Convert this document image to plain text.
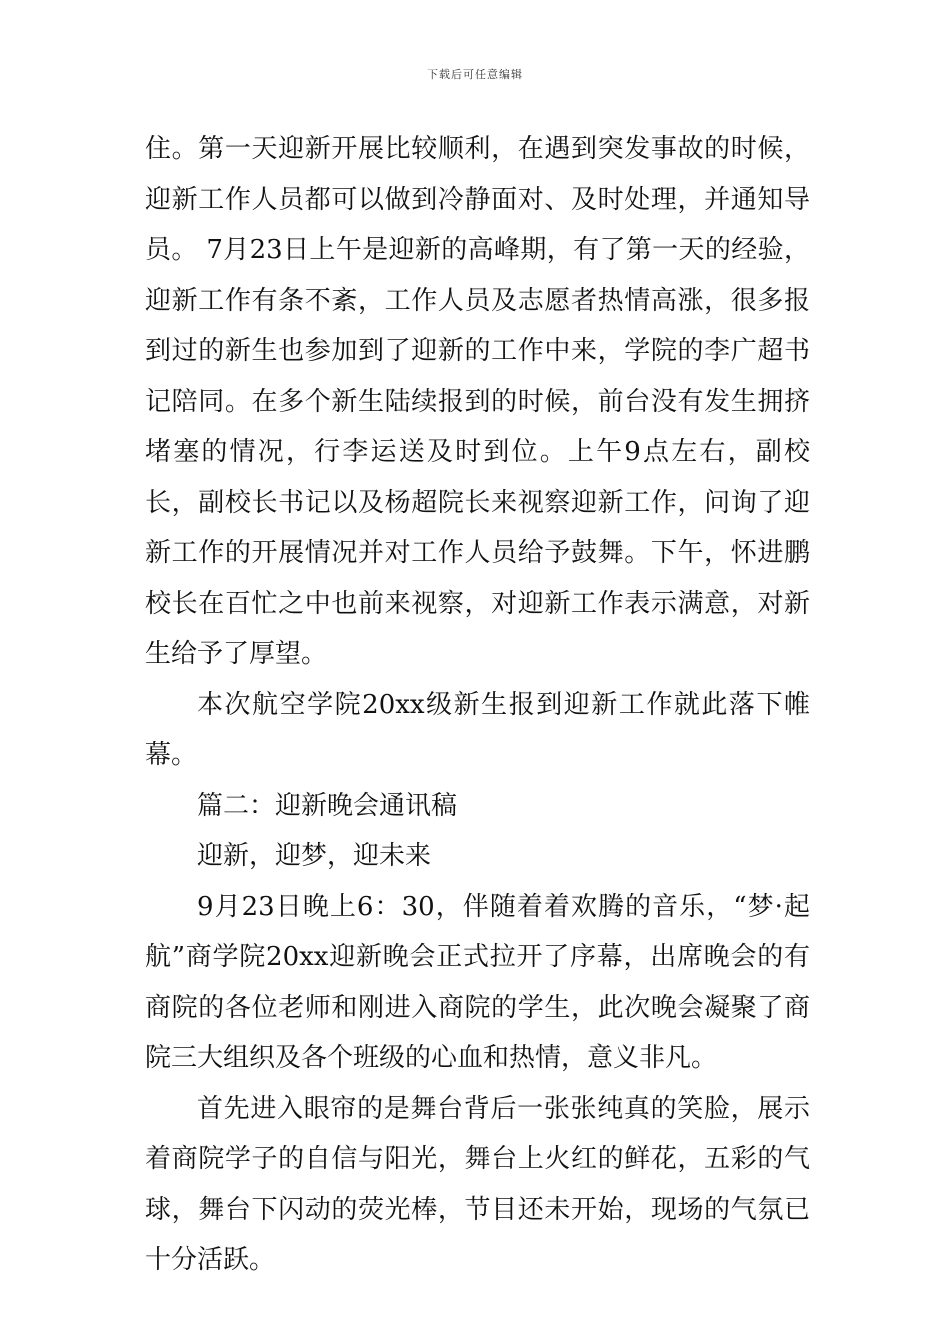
下载后可任意编辑

住。第一天迎新开展比较顺利，在遇到突发事故的时候，迎新工作人员都可以做到冷静面对、及时处理，并通知导员。 7月23日上午是迎新的高峰期，有了第一天的经验，迎新工作有条不紊，工作人员及志愿者热情高涨，很多报到过的新生也参加到了迎新的工作中来，学院的李广超书记陪同。在多个新生陆续报到的时候，前台没有发生拥挤堵塞的情况，行李运送及时到位。上午9点左右，副校长，副校长书记以及杨超院长来视察迎新工作，问询了迎新工作的开展情况并对工作人员给予鼓舞。下午，怀进鹏校长在百忙之中也前来视察，对迎新工作表示满意，对新生给予了厚望。

本次航空学院20xx级新生报到迎新工作就此落下帷幕。

篇二：迎新晚会通讯稿

迎新，迎梦，迎未来

9月23日晚上6：30，伴随着着欢腾的音乐，“梦·起航”商学院20xx迎新晚会正式拉开了序幕，出席晚会的有商院的各位老师和刚进入商院的学生，此次晚会凝聚了商院三大组织及各个班级的心血和热情，意义非凡。

首先进入眼帘的是舞台背后一张张纯真的笑脸，展示着商院学子的自信与阳光，舞台上火红的鲜花，五彩的气球，舞台下闪动的荧光棒，节目还未开始，现场的气氛已十分活跃。
